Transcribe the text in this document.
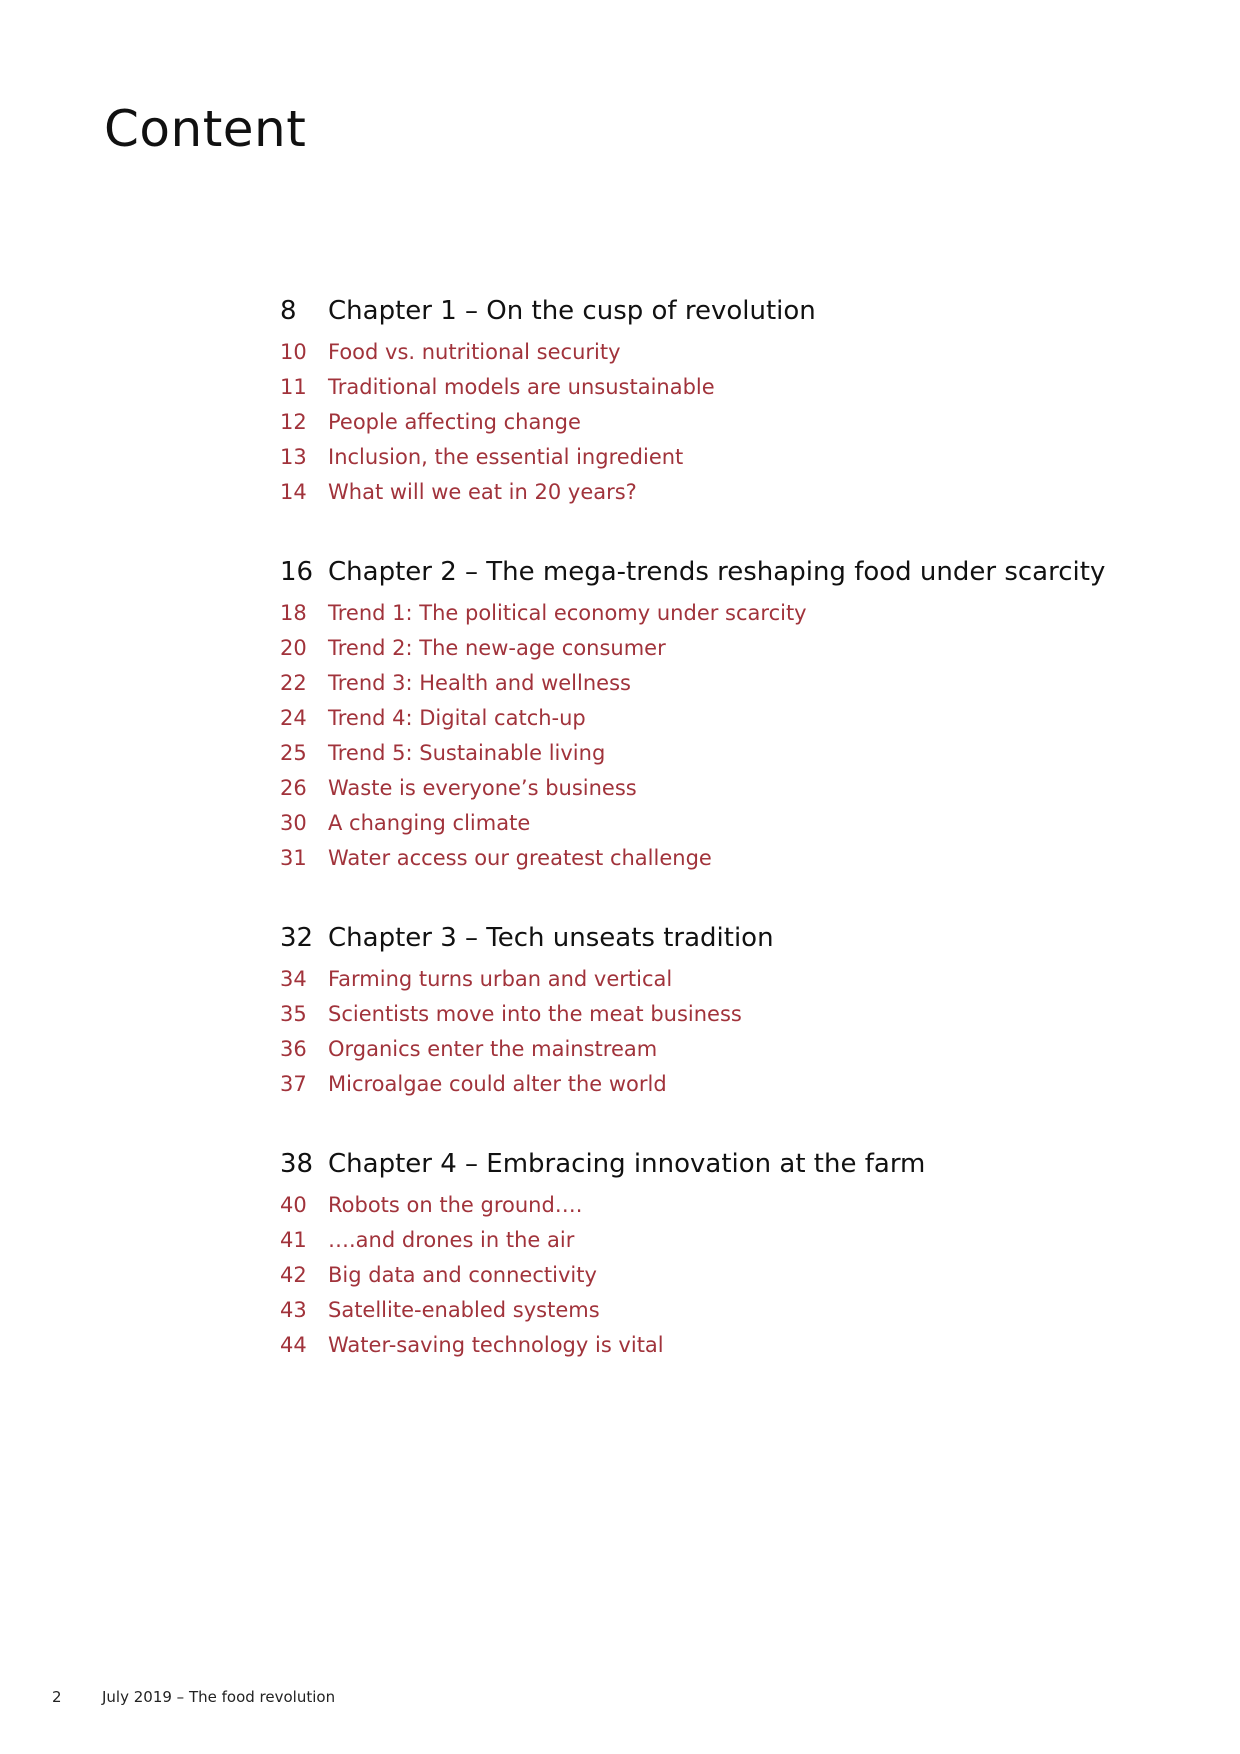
Content
8	Chapter 1 – On the cusp of revolution
10	Food vs. nutritional security
11	Traditional models are unsustainable
12	People affecting change
13	Inclusion, the essential ingredient
14	What will we eat in 20 years?
16 Chapter 2 – The mega-trends reshaping food under scarcity
18	Trend 1: The political economy under scarcity
20	Trend 2: The new-age consumer
22	Trend 3: Health and wellness
24	Trend 4: Digital catch-up
25	Trend 5: Sustainable living
26	Waste is everyone’s business
30	A changing climate
31	Water access our greatest challenge
32 Chapter 3 – Tech unseats tradition
34	Farming turns urban and vertical
35	Scientists move into the meat business
36	Organics enter the mainstream
37	Microalgae could alter the world
38 Chapter 4 – Embracing innovation at the farm
40	Robots on the ground….
41	….and drones in the air
42	Big data and connectivity
43	Satellite-enabled systems
44	Water-saving technology is vital
2	July 2019 – The food revolution
